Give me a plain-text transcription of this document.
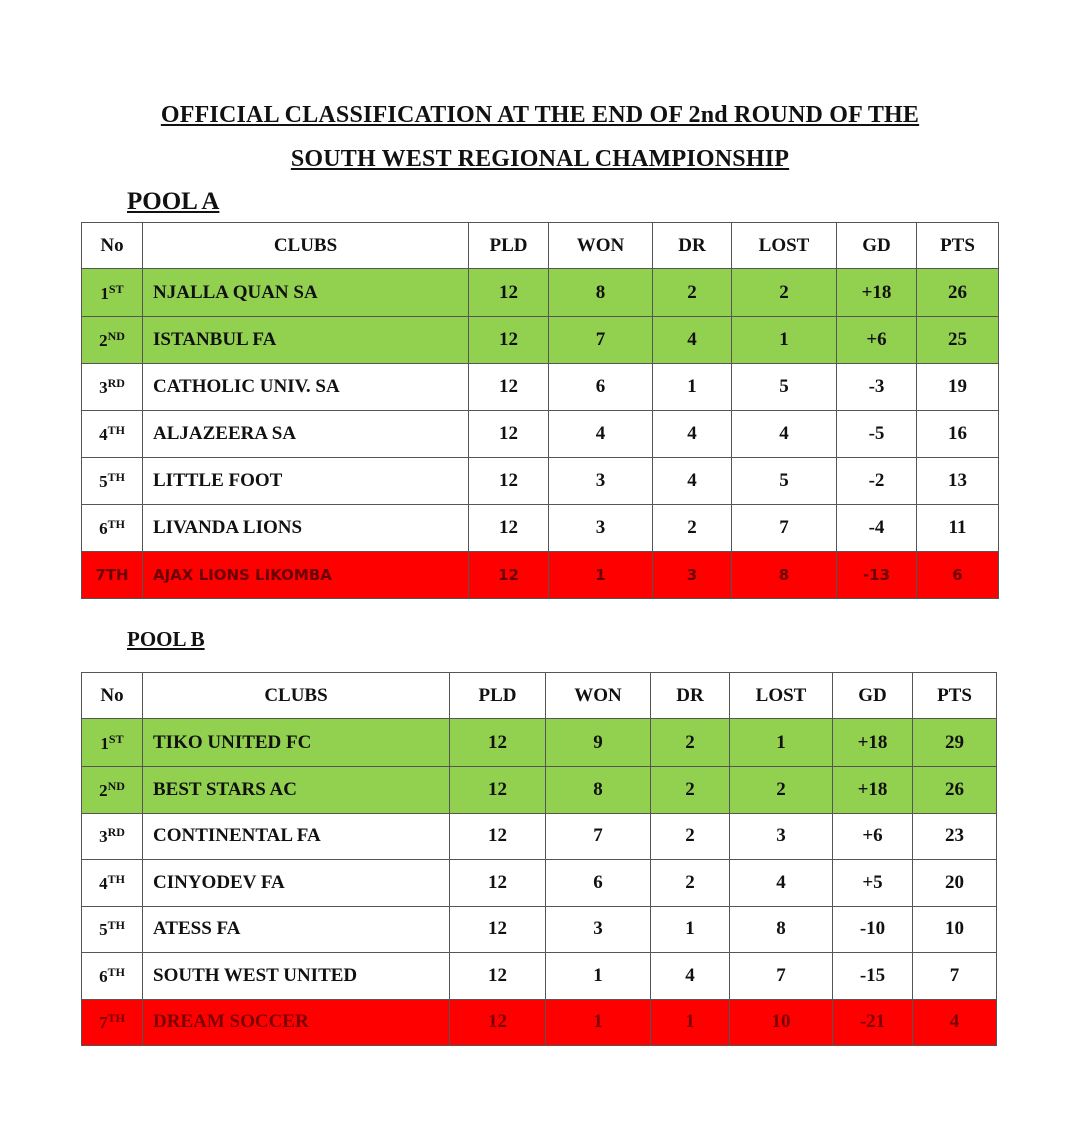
OFFICIAL CLASSIFICATION AT THE END OF 2nd ROUND OF THE
SOUTH WEST REGIONAL CHAMPIONSHIP
POOL A
No	CLUBS	PLD	WON	DR	LOST	GD	PTS
1ST	NJALLA QUAN SA	12	8	2	2	+18	26
2ND	ISTANBUL FA	12	7	4	1	+6	25
3RD	CATHOLIC UNIV. SA	12	6	1	5	-3	19
4TH	ALJAZEERA SA	12	4	4	4	-5	16
5TH	LITTLE FOOT	12	3	4	5	-2	13
6TH	LIVANDA LIONS	12	3	2	7	-4	11
7TH	AJAX LIONS LIKOMBA	12	1	3	8	-13	6
POOL B
No	CLUBS	PLD	WON	DR	LOST	GD	PTS
1ST	TIKO UNITED FC	12	9	2	1	+18	29
2ND	BEST STARS AC	12	8	2	2	+18	26
3RD	CONTINENTAL FA	12	7	2	3	+6	23
4TH	CINYODEV FA	12	6	2	4	+5	20
5TH	ATESS FA	12	3	1	8	-10	10
6TH	SOUTH WEST UNITED	12	1	4	7	-15	7
7TH	DREAM SOCCER	12	1	1	10	-21	4
